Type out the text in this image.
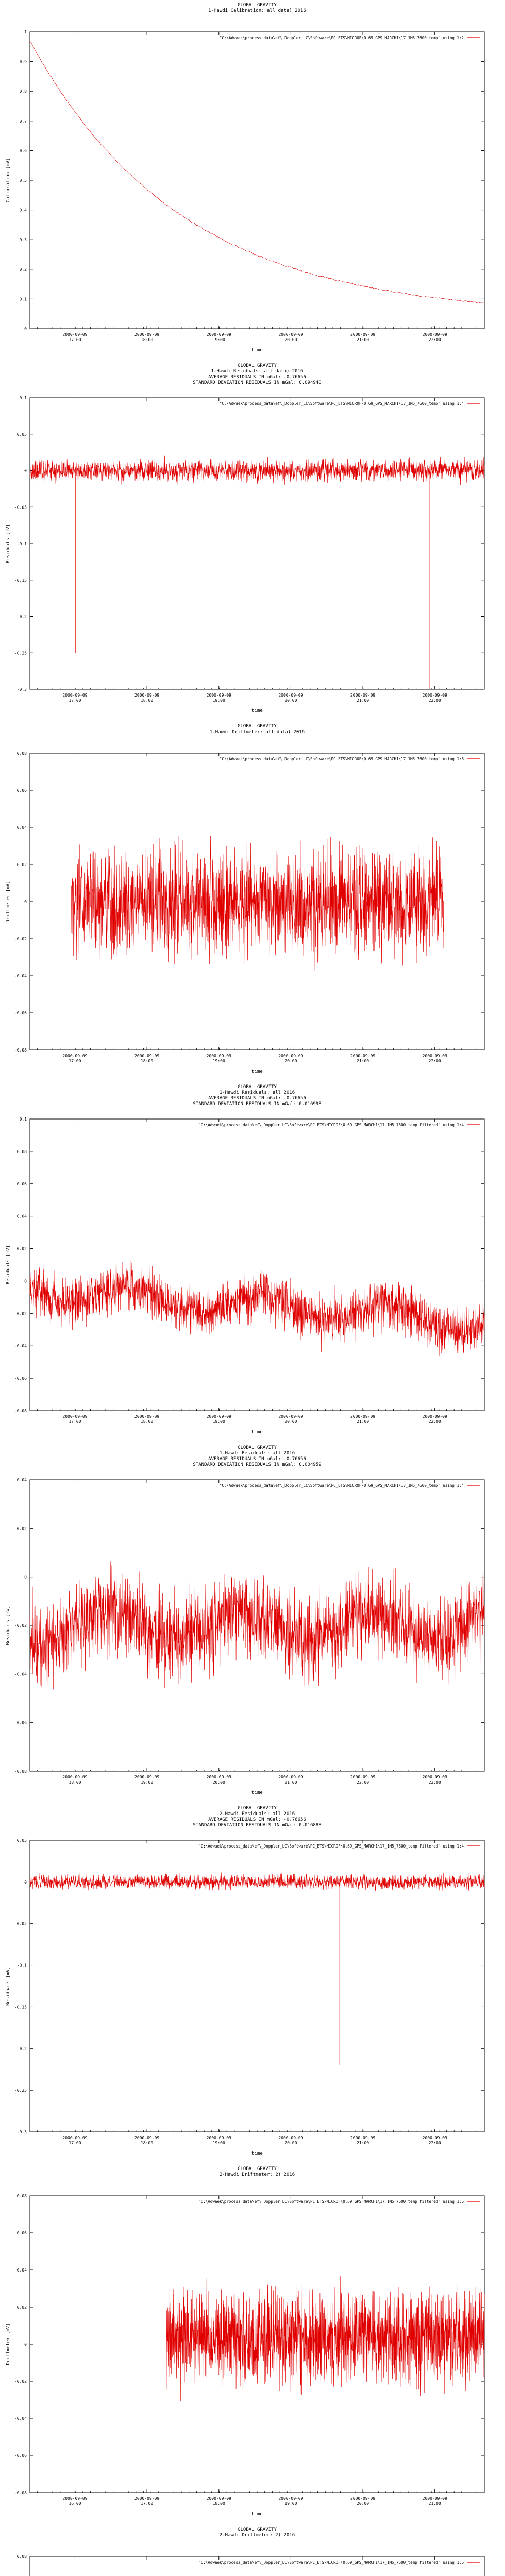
GLOBAL GRAVITY
1-Hawdi Calibration: all data) 2016
0
0.1
0.2
0.3
0.4
0.5
0.6
0.7
0.8
0.9
1
2000-09-09
17:00
2000-09-09
18:00
2000-09-09
19:00
2000-09-09
20:00
2000-09-09
21:00
2000-09-09
22:00
time
Calibration [mV]
"C:\Adwaek\process_data\ef\_Doppler_LC\Software\PC_ETS\MICROF\0.69_GPS_MARCH1\17_1M5_7600_temp" using 1:2
GLOBAL GRAVITY
1-Hawdi Residuals: all data) 2016
AVERAGE RESIDUALS IN mGal: -0.76656
STANDARD DEVIATION RESIDUALS IN mGal: 0.094940
-0.3
-0.25
-0.2
-0.15
-0.1
-0.05
0
0.05
0.1
2000-09-09
17:00
2000-09-09
18:00
2000-09-09
19:00
2000-09-09
20:00
2000-09-09
21:00
2000-09-09
22:00
time
Residuals [mV]
"C:\Adwaek\process_data\ef\_Doppler_LC\Software\PC_ETS\MICROF\0.69_GPS_MARCH1\17_1M5_7600_temp" using 1:4
GLOBAL GRAVITY
1-Hawdi Driftmeter: all data) 2016
-0.08
-0.06
-0.04
-0.02
0
0.02
0.04
0.06
0.08
2000-09-09
17:00
2000-09-09
18:00
2000-09-09
19:00
2000-09-09
20:00
2000-09-09
21:00
2000-09-09
22:00
time
Driftmeter [mV]
"C:\Adwaek\process_data\ef\_Doppler_LC\Software\PC_ETS\MICROF\0.69_GPS_MARCH1\17_1M5_7600_temp" using 1:6
GLOBAL GRAVITY
1-Hawdi Residuals: all 2016
AVERAGE RESIDUALS IN mGal: -0.76656
STANDARD DEVIATION RESIDUALS IN mGal: 0.016998
-0.08
-0.06
-0.04
-0.02
0
0.02
0.04
0.06
0.08
0.1
2000-09-09
17:00
2000-09-09
18:00
2000-09-09
19:00
2000-09-09
20:00
2000-09-09
21:00
2000-09-09
22:00
time
Residuals [mV]
"C:\Adwaek\process_data\ef\_Doppler_LC\Software\PC_ETS\MICROF\0.69_GPS_MARCH1\17_1M5_7600_temp filtered" using 1:4
GLOBAL GRAVITY
1-Hawdi Residuals: all 2016
AVERAGE RESIDUALS IN mGal: -0.76656
STANDARD DEVIATION RESIDUALS IN mGal: 0.004959
-0.08
-0.06
-0.04
-0.02
0
0.02
0.04
2000-09-09
18:00
2000-09-09
19:00
2000-09-09
20:00
2000-09-09
21:00
2000-09-09
22:00
2000-09-09
23:00
time
Residuals [mV]
"C:\Adwaek\process_data\ef\_Doppler_LC\Software\PC_ETS\MICROF\0.69_GPS_MARCH1\17_1M5_7600_temp" using 1:4
GLOBAL GRAVITY
2-Hawdi Residuals: all 2016
AVERAGE RESIDUALS IN mGal: -0.76656
STANDARD DEVIATION RESIDUALS IN mGal: 0.016888
-0.3
-0.25
-0.2
-0.15
-0.1
-0.05
0
0.05
2000-09-09
17:00
2000-09-09
18:00
2000-09-09
19:00
2000-09-09
20:00
2000-09-09
21:00
2000-09-09
22:00
time
Residuals [mV]
"C:\Adwaek\process_data\ef\_Doppler_LC\Software\PC_ETS\MICROF\0.69_GPS_MARCH1\17_1M5_7600_temp filtered" using 1:4
GLOBAL GRAVITY
2-Hawdi Driftmeter: 2) 2016
-0.08
-0.06
-0.04
-0.02
0
0.02
0.04
0.06
0.08
2000-09-09
16:00
2000-09-09
17:00
2000-09-09
18:00
2000-09-09
19:00
2000-09-09
20:00
2000-09-09
21:00
time
Driftmeter [mV]
"C:\Adwaek\process_data\ef\_Doppler_LC\Software\PC_ETS\MICROF\0.69_GPS_MARCH1\17_1M5_7600_temp filtered" using 1:6
GLOBAL GRAVITY
2-Hawdi Driftmeter: 2) 2016
0.08
"C:\Adwaek\process_data\ef\_Doppler_LC\Software\PC_ETS\MICROF\0.69_GPS_MARCH1\17_1M5_7600_temp filtered" using 1:6
